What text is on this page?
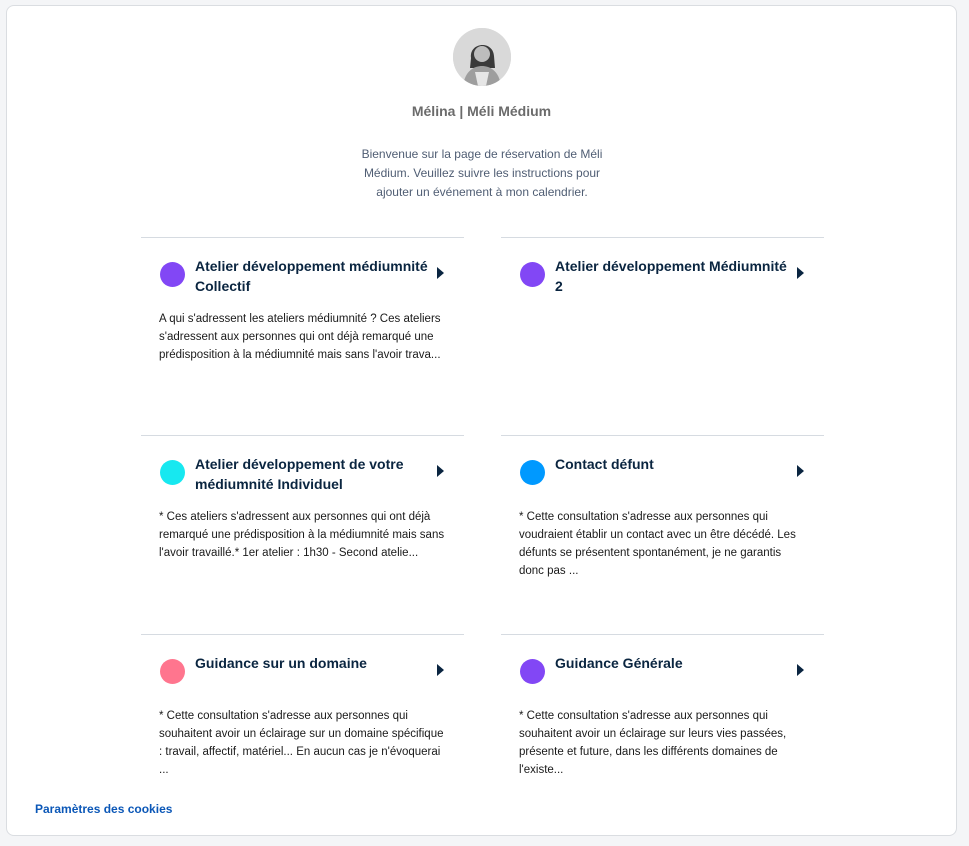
Mélina | Méli Médium
Bienvenue sur la page de réservation de Méli Médium. Veuillez suivre les instructions pour ajouter un événement à mon calendrier.
Atelier développement médiumnité Collectif
A qui s'adressent les ateliers médiumnité ? Ces ateliers s'adressent aux personnes qui ont déjà remarqué une prédisposition à la médiumnité mais sans l'avoir trava...
Atelier développement Médiumnité 2
Atelier développement de votre médiumnité Individuel
* Ces ateliers s'adressent aux personnes qui ont déjà remarqué une prédisposition à la médiumnité mais sans l'avoir travaillé.* 1er atelier : 1h30 - Second atelie...
Contact défunt
* Cette consultation s'adresse aux personnes qui voudraient établir un contact avec un être décédé. Les défunts se présentent spontanément, je ne garantis donc pas ...
Guidance sur un domaine
* Cette consultation s'adresse aux personnes qui souhaitent avoir un éclairage sur un domaine spécifique : travail, affectif, matériel... En aucun cas je n'évoquerai ...
Guidance Générale
* Cette consultation s'adresse aux personnes qui souhaitent avoir un éclairage sur leurs vies passées, présente et future, dans les différents domaines de l'existe...
Paramètres des cookies
